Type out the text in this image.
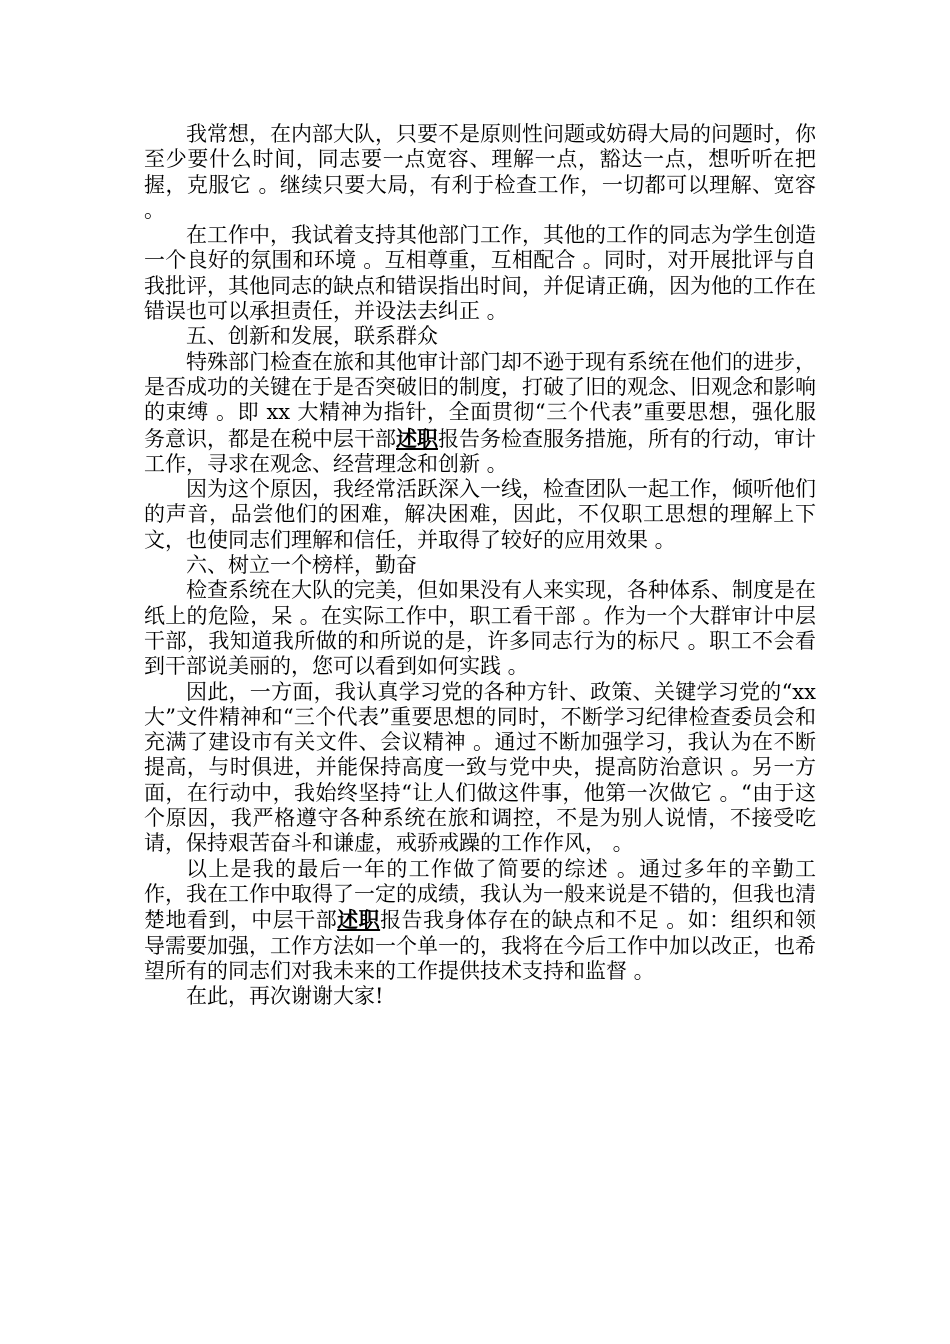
我常想，在内部大队，只要不是原则性问题或妨碍大局的问题时，你至少要什么时间，同志要一点宽容、理解一点，豁达一点，想听听在把握，克服它 。继续只要大局，有利于检查工作，一切都可以理解、宽容 。

在工作中，我试着支持其他部门工作，其他的工作的同志为学生创造一个良好的氛围和环境 。互相尊重，互相配合 。同时，对开展批评与自我批评，其他同志的缺点和错误指出时间，并促请正确，因为他的工作在错误也可以承担责任，并设法去纠正 。

五、创新和发展，联系群众

特殊部门检查在旅和其他审计部门却不逊于现有系统在他们的进步，是否成功的关键在于是否突破旧的制度，打破了旧的观念、旧观念和影响的束缚 。即 xx 大精神为指针，全面贯彻“三个代表”重要思想，强化服务意识，都是在税中层干部述职报告务检查服务措施，所有的行动，审计工作，寻求在观念、经营理念和创新 。

因为这个原因，我经常活跃深入一线，检查团队一起工作，倾听他们的声音，品尝他们的困难，解决困难，因此，不仅职工思想的理解上下文，也使同志们理解和信任，并取得了较好的应用效果 。

六、树立一个榜样，勤奋

检查系统在大队的完美，但如果没有人来实现，各种体系、制度是在纸上的危险，呆 。在实际工作中，职工看干部 。作为一个大群审计中层干部，我知道我所做的和所说的是，许多同志行为的标尺 。职工不会看到干部说美丽的，您可以看到如何实践 。

因此，一方面，我认真学习党的各种方针、政策、关键学习党的“xx 大”文件精神和“三个代表”重要思想的同时，不断学习纪律检查委员会和充满了建设市有关文件、会议精神 。通过不断加强学习，我认为在不断提高，与时俱进，并能保持高度一致与党中央，提高防治意识 。另一方面，在行动中，我始终坚持“让人们做这件事，他第一次做它 。“由于这个原因，我严格遵守各种系统在旅和调控，不是为别人说情，不接受吃请，保持艰苦奋斗和谦虚，戒骄戒躁的工作作风， 。

以上是我的最后一年的工作做了简要的综述 。通过多年的辛勤工作，我在工作中取得了一定的成绩，我认为一般来说是不错的，但我也清楚地看到，中层干部述职报告我身体存在的缺点和不足 。如：组织和领导需要加强，工作方法如一个单一的，我将在今后工作中加以改正，也希望所有的同志们对我未来的工作提供技术支持和监督 。

在此，再次谢谢大家!
